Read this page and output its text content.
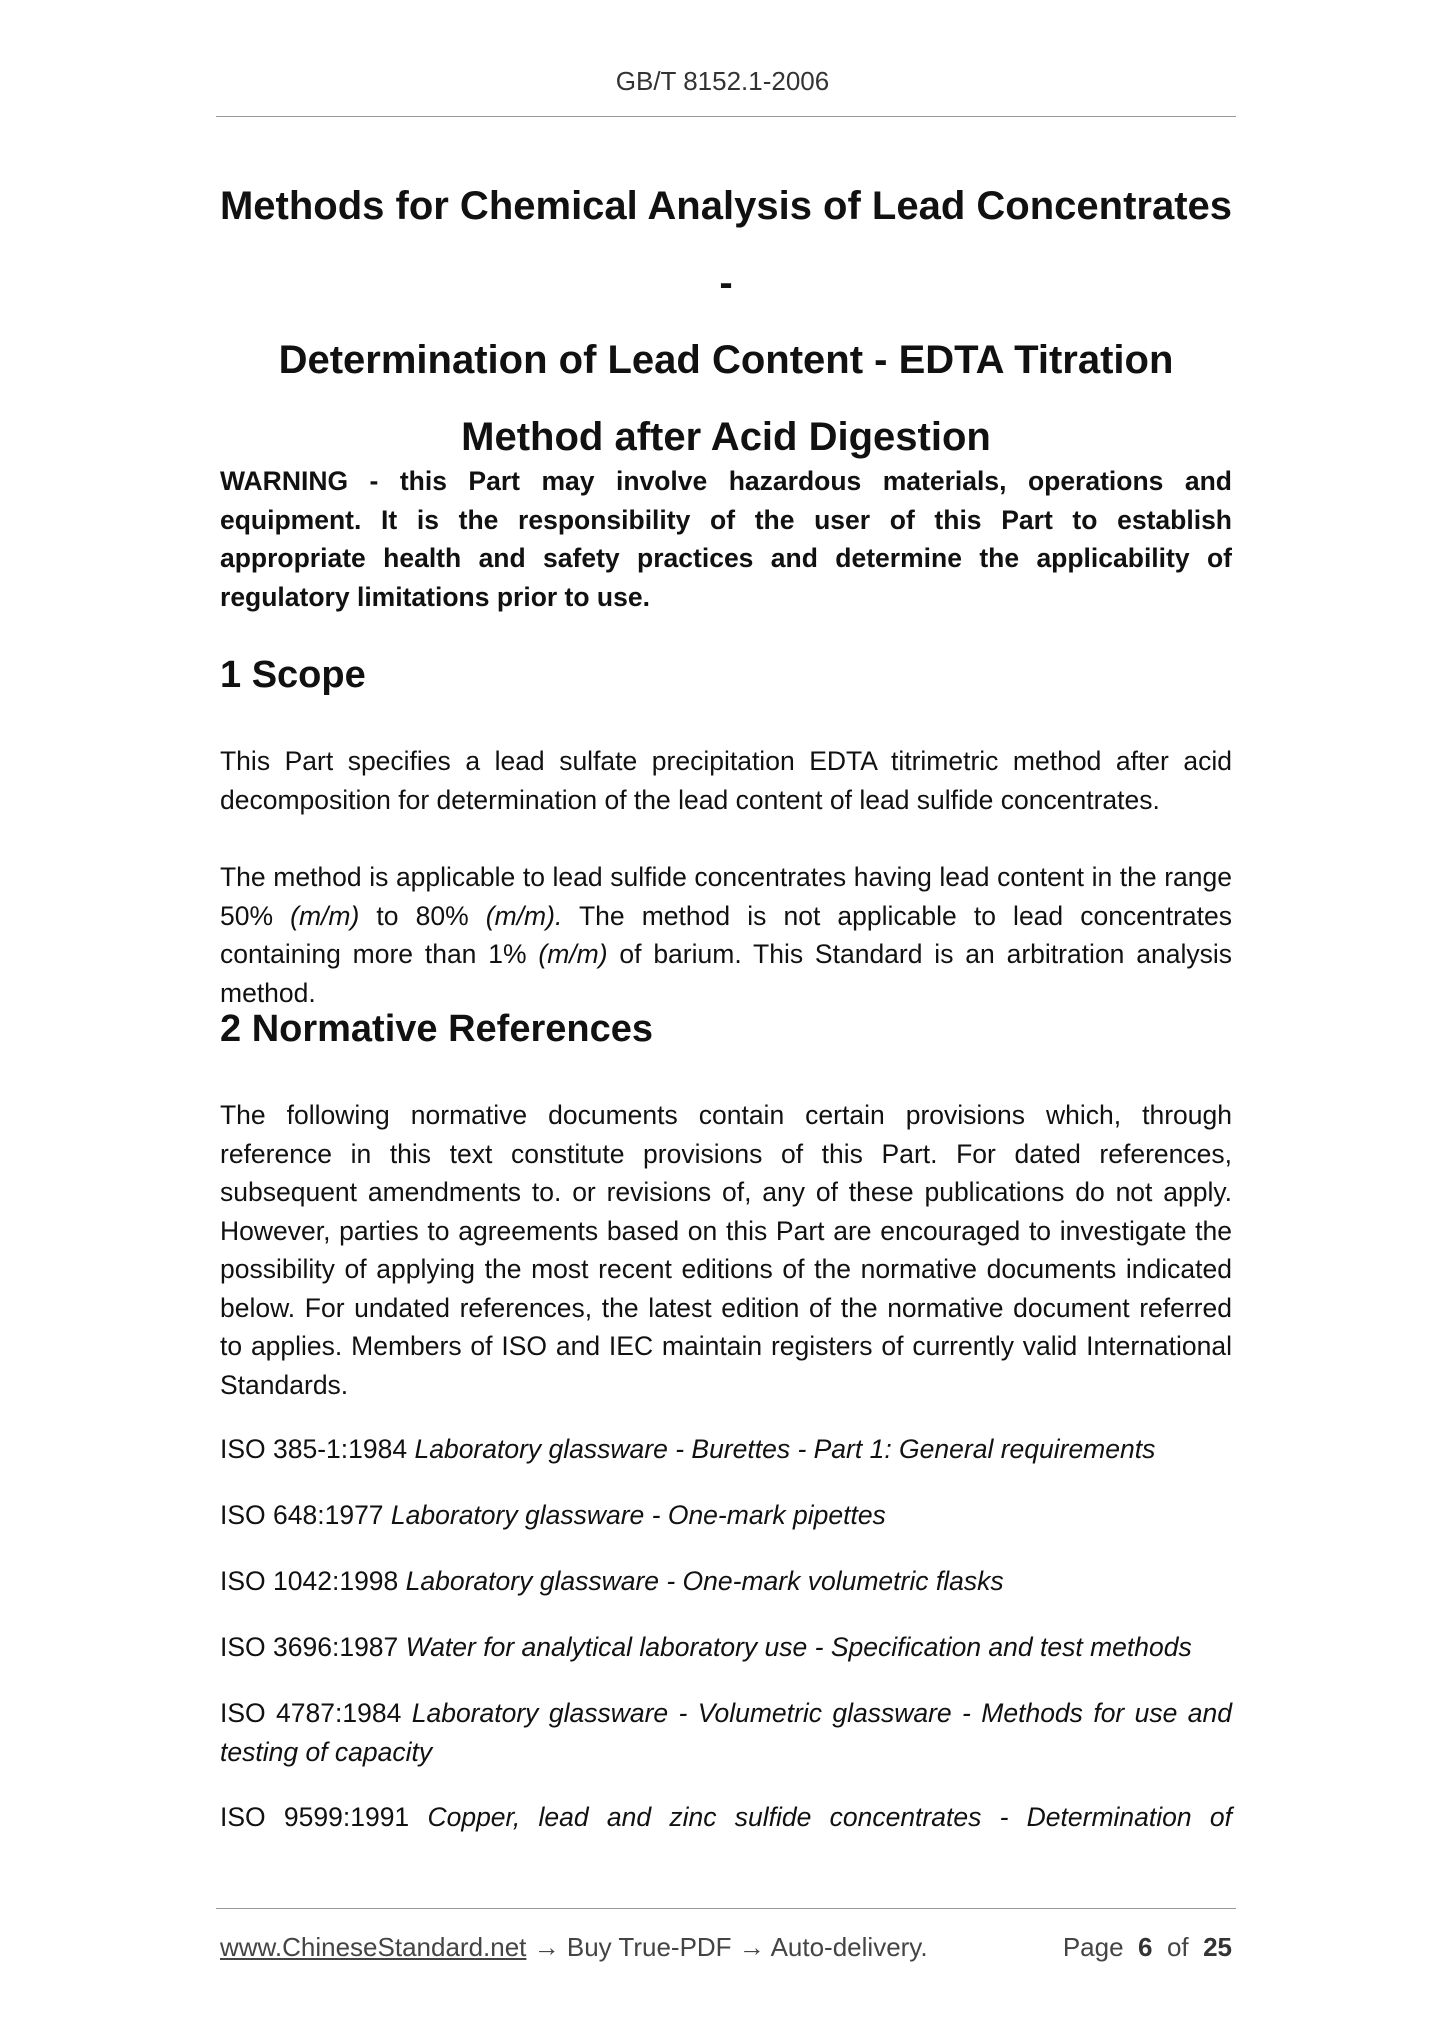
GB/T 8152.1-2006
Methods for Chemical Analysis of Lead Concentrates -
Determination of Lead Content - EDTA Titration
Method after Acid Digestion
WARNING - this Part may involve hazardous materials, operations and equipment. It is the responsibility of the user of this Part to establish appropriate health and safety practices and determine the applicability of regulatory limitations prior to use.
1 Scope
This Part specifies a lead sulfate precipitation EDTA titrimetric method after acid decomposition for determination of the lead content of lead sulfide concentrates.
The method is applicable to lead sulfide concentrates having lead content in the range 50% (m/m) to 80% (m/m). The method is not applicable to lead concentrates containing more than 1% (m/m) of barium. This Standard is an arbitration analysis method.
2 Normative References
The following normative documents contain certain provisions which, through reference in this text constitute provisions of this Part. For dated references, subsequent amendments to. or revisions of, any of these publications do not apply. However, parties to agreements based on this Part are encouraged to investigate the possibility of applying the most recent editions of the normative documents indicated below. For undated references, the latest edition of the normative document referred to applies. Members of ISO and IEC maintain registers of currently valid International Standards.
ISO 385-1:1984 Laboratory glassware - Burettes - Part 1: General requirements
ISO 648:1977 Laboratory glassware - One-mark pipettes
ISO 1042:1998 Laboratory glassware - One-mark volumetric flasks
ISO 3696:1987 Water for analytical laboratory use - Specification and test methods
ISO 4787:1984 Laboratory glassware - Volumetric glassware - Methods for use and testing of capacity
ISO 9599:1991 Copper, lead and zinc sulfide concentrates - Determination of
www.ChineseStandard.net → Buy True-PDF → Auto-delivery.	Page 6 of 25
